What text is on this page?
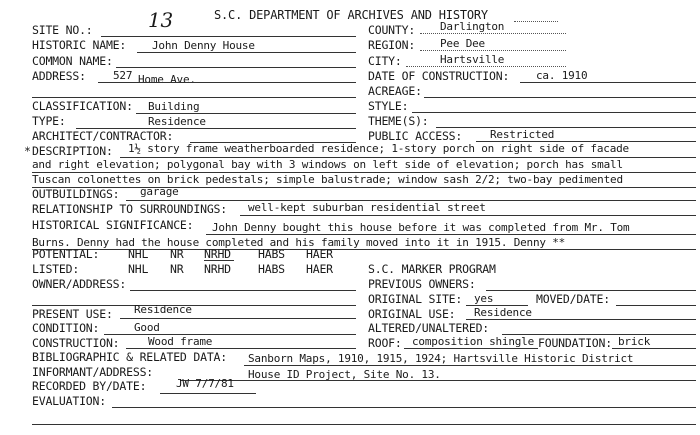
S.C. DEPARTMENT OF ARCHIVES AND HISTORY
SITE NO.:	13	COUNTY: Darlington
HISTORIC NAME: John Denny House	REGION: Pee Dee
COMMON NAME:	CITY:	Hartsville
ADDRESS: 527 Home Ave.	DATE OF CONSTRUCTION: ca. 1910
ACREAGE:
CLASSIFICATION: Building	STYLE:
TYPE:	Residence	THEME(S):
ARCHITECT/CONTRACTOR:	PUBLIC ACCESS:	Restricted
* DESCRIPTION: 1½ story frame weatherboarded residence; 1-story porch on right side of facade
and right elevation; polygonal bay with 3 windows on left side of elevation; porch has small
Tuscan colonettes on brick pedestals; simple balustrade; window sash 2/2; two-bay pedimented
OUTBUILDINGS: garage
RELATIONSHIP TO SURROUNDINGS: well-kept suburban residential street
HISTORICAL SIGNIFICANCE: John Denny bought this house before it was completed from Mr. Tom
Burns. Denny had the house completed and his family moved into it in 1915. Denny **
POTENTIAL:	NHL NR NRHD HABS HAER
LISTED:	NHL NR NRHD HABS HAER	S.C. MARKER PROGRAM
OWNER/ADDRESS:	PREVIOUS OWNERS:
ORIGINAL SITE: yes	MOVED/DATE:
PRESENT USE: Residence	ORIGINAL USE: Residence
CONDITION:	Good	ALTERED/UNALTERED:
CONSTRUCTION:	Wood frame	ROOF: composition shingle FOUNDATION: brick
BIBLIOGRAPHIC & RELATED DATA: Sanborn Maps, 1910, 1915, 1924; Hartsville Historic District
INFORMANT/ADDRESS:	House ID Project, Site No. 13.
RECORDED BY/DATE:	JW 7/7/81
EVALUATION:
